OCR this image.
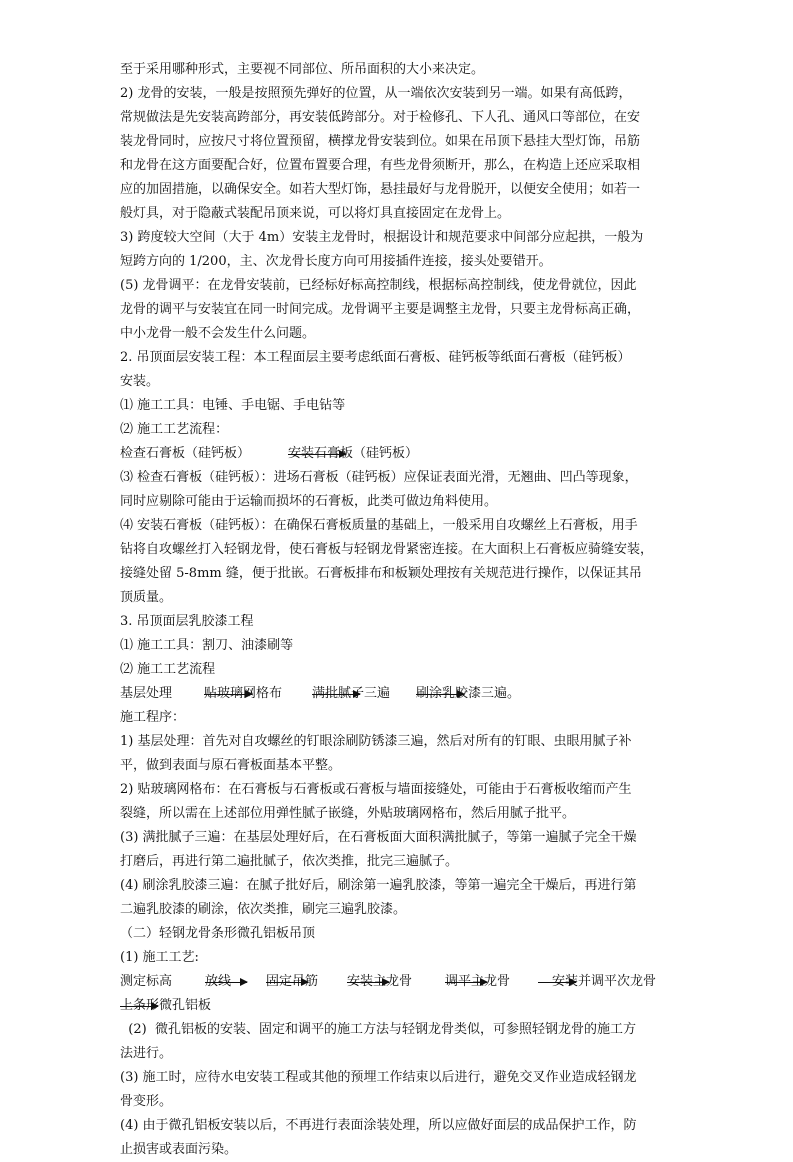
至于采用哪种形式，主要视不同部位、所吊面积的大小来决定。

2) 龙骨的安装，一般是按照预先弹好的位置，从一端依次安装到另一端。如果有高低跨，

常规做法是先安装高跨部分，再安装低跨部分。对于检修孔、下人孔、通风口等部位，在安

装龙骨同时，应按尺寸将位置预留，横撑龙骨安装到位。如果在吊顶下悬挂大型灯饰，吊筋

和龙骨在这方面要配合好，位置布置要合理，有些龙骨须断开，那么，在构造上还应采取相

应的加固措施，以确保安全。如若大型灯饰，悬挂最好与龙骨脱开，以便安全使用；如若一

般灯具，对于隐蔽式装配吊顶来说，可以将灯具直接固定在龙骨上。

3) 跨度较大空间（大于 4m）安装主龙骨时，根据设计和规范要求中间部分应起拱，一般为

短跨方向的 1/200，主、次龙骨长度方向可用接插件连接，接头处要错开。

(5) 龙骨调平：在龙骨安装前，已经标好标高控制线，根据标高控制线，使龙骨就位，因此

龙骨的调平与安装宜在同一时间完成。龙骨调平主要是调整主龙骨，只要主龙骨标高正确，

中小龙骨一般不会发生什么问题。

2. 吊顶面层安装工程：本工程面层主要考虑纸面石膏板、硅钙板等纸面石膏板（硅钙板）

安装。

⑴ 施工工具：电锤、手电锯、手电钻等

⑵ 施工工艺流程：

检查石膏板（硅钙板）	安装石膏板（硅钙板）

⑶ 检查石膏板（硅钙板）：进场石膏板（硅钙板）应保证表面光滑，无翘曲、凹凸等现象，

同时应剔除可能由于运输而损坏的石膏板，此类可做边角料使用。

⑷ 安装石膏板（硅钙板）：在确保石膏板质量的基础上，一般采用自攻螺丝上石膏板，用手

钻将自攻螺丝打入轻钢龙骨，使石膏板与轻钢龙骨紧密连接。在大面积上石膏板应骑缝安装，

接缝处留 5-8mm 缝，便于批嵌。石膏板排布和板颖处理按有关规范进行操作，以保证其吊

顶质量。

3. 吊顶面层乳胶漆工程

⑴ 施工工具：割刀、油漆刷等

⑵ 施工工艺流程

基层处理 贴玻璃网格布 满批腻子三遍 刷涂乳胶漆三遍。

施工程序：

1) 基层处理：首先对自攻螺丝的钉眼涂刷防锈漆三遍，然后对所有的钉眼、虫眼用腻子补

平，做到表面与原石膏板面基本平整。

2) 贴玻璃网格布：在石膏板与石膏板或石膏板与墙面接缝处，可能由于石膏板收缩而产生

裂缝，所以需在上述部位用弹性腻子嵌缝，外贴玻璃网格布，然后用腻子批平。

(3) 满批腻子三遍：在基层处理好后，在石膏板面大面积满批腻子，等第一遍腻子完全干燥

打磨后，再进行第二遍批腻子，依次类推，批完三遍腻子。

(4) 刷涂乳胶漆三遍：在腻子批好后，刷涂第一遍乳胶漆，等第一遍完全干燥后，再进行第

二遍乳胶漆的刷涂，依次类推，刷完三遍乳胶漆。

（二）轻钢龙骨条形微孔铝板吊顶

(1) 施工工艺:

测定标高	放线	固定吊筋 安装主龙骨	调平主龙骨	安装并调平次龙骨
上条形微孔铝板

(2)  微孔铝板的安装、固定和调平的施工方法与轻钢龙骨类似，可参照轻钢龙骨的施工方

法进行。

(3) 施工时，应待水电安装工程或其他的预埋工作结束以后进行，避免交叉作业造成轻钢龙

骨变形。

(4) 由于微孔铝板安装以后，不再进行表面涂装处理，所以应做好面层的成品保护工作，防

止损害或表面污染。
